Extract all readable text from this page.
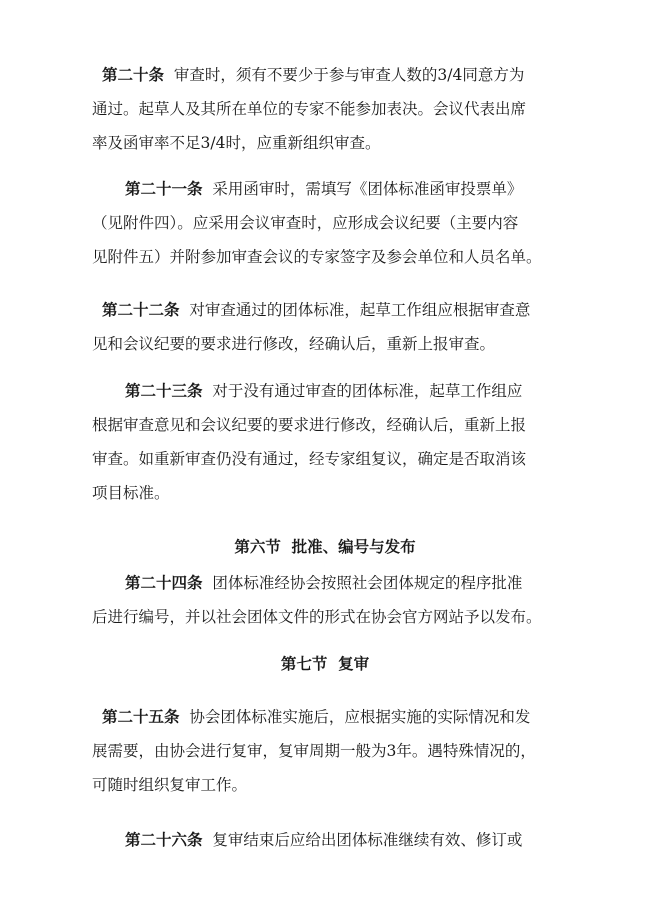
第二十条 审查时，须有不要少于参与审查人数的3/4同意方为
通过。起草人及其所在单位的专家不能参加表决。会议代表出席
率及函审率不足3/4时，应重新组织审查。
第二十一条 采用函审时，需填写《团体标准函审投票单》
（见附件四）。应采用会议审查时，应形成会议纪要（主要内容
见附件五）并附参加审查会议的专家签字及参会单位和人员名单。
第二十二条 对审查通过的团体标准，起草工作组应根据审查意
见和会议纪要的要求进行修改，经确认后，重新上报审查。
第二十三条 对于没有通过审查的团体标准，起草工作组应
根据审查意见和会议纪要的要求进行修改，经确认后，重新上报
审查。如重新审查仍没有通过，经专家组复议，确定是否取消该
项目标准。
第六节 批准、编号与发布
第二十四条 团体标准经协会按照社会团体规定的程序批准
后进行编号，并以社会团体文件的形式在协会官方网站予以发布。
第七节 复审
第二十五条 协会团体标准实施后，应根据实施的实际情况和发
展需要，由协会进行复审，复审周期一般为3年。遇特殊情况的，
可随时组织复审工作。
第二十六条 复审结束后应给出团体标准继续有效、修订或
